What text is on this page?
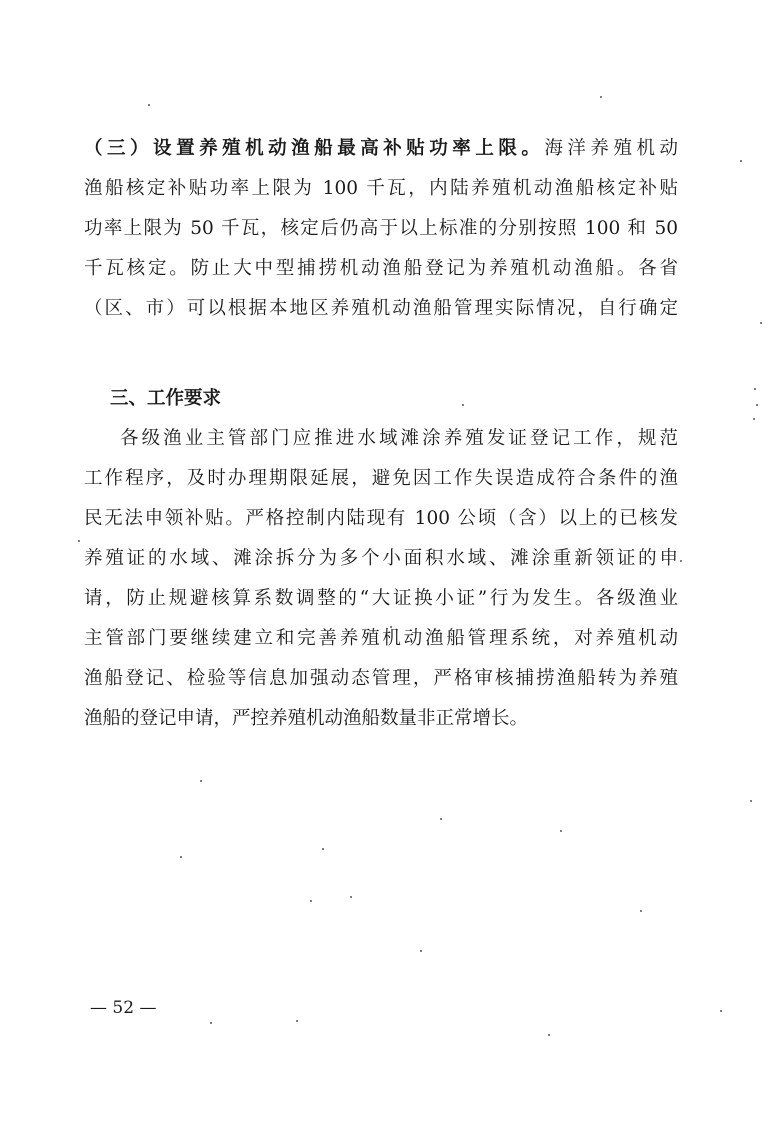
（三）设置养殖机动渔船最高补贴功率上限。海洋养殖机动
渔船核定补贴功率上限为 100 千瓦，内陆养殖机动渔船核定补贴
功率上限为 50 千瓦，核定后仍高于以上标准的分别按照 100 和 50
千瓦核定。防止大中型捕捞机动渔船登记为养殖机动渔船。各省
（区、市）可以根据本地区养殖机动渔船管理实际情况，自行确定
三、工作要求
各级渔业主管部门应推进水域滩涂养殖发证登记工作，规范
工作程序，及时办理期限延展，避免因工作失误造成符合条件的渔
民无法申领补贴。严格控制内陆现有 100 公顷（含）以上的已核发
养殖证的水域、滩涂拆分为多个小面积水域、滩涂重新领证的申
请，防止规避核算系数调整的“大证换小证”行为发生。各级渔业
主管部门要继续建立和完善养殖机动渔船管理系统，对养殖机动
渔船登记、检验等信息加强动态管理，严格审核捕捞渔船转为养殖
渔船的登记申请，严控养殖机动渔船数量非正常增长。
— 52 —
